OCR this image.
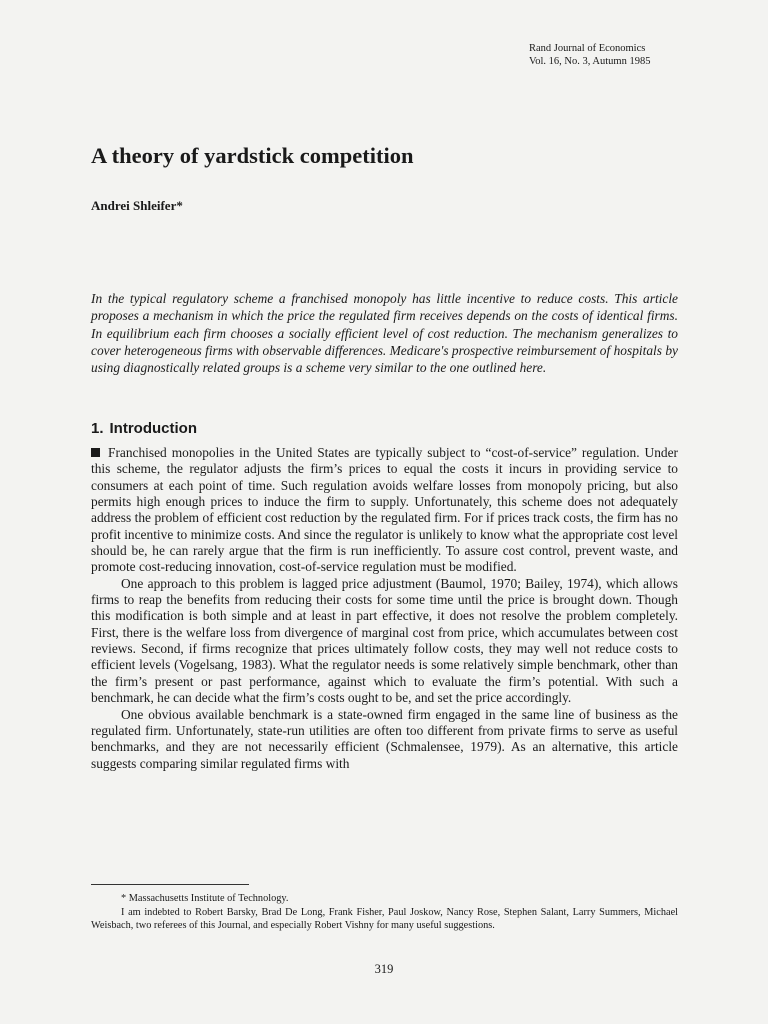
Rand Journal of Economics
Vol. 16, No. 3, Autumn 1985
A theory of yardstick competition
Andrei Shleifer*

In the typical regulatory scheme a franchised monopoly has little incentive to reduce costs. This article proposes a mechanism in which the price the regulated firm receives depends on the costs of identical firms. In equilibrium each firm chooses a socially efficient level of cost reduction. The mechanism generalizes to cover heterogeneous firms with observable differences. Medicare's prospective reimbursement of hospitals by using diagnostically related groups is a scheme very similar to the one outlined here.

1. Introduction

Franchised monopolies in the United States are typically subject to “cost-of-service” regulation. Under this scheme, the regulator adjusts the firm’s prices to equal the costs it incurs in providing service to consumers at each point of time. Such regulation avoids welfare losses from monopoly pricing, but also permits high enough prices to induce the firm to supply. Unfortunately, this scheme does not adequately address the problem of efficient cost reduction by the regulated firm. For if prices track costs, the firm has no profit incentive to minimize costs. And since the regulator is unlikely to know what the appropriate cost level should be, he can rarely argue that the firm is run inefficiently. To assure cost control, prevent waste, and promote cost-reducing innovation, cost-of-service regulation must be modified.

One approach to this problem is lagged price adjustment (Baumol, 1970; Bailey, 1974), which allows firms to reap the benefits from reducing their costs for some time until the price is brought down. Though this modification is both simple and at least in part effective, it does not resolve the problem completely. First, there is the welfare loss from divergence of marginal cost from price, which accumulates between cost reviews. Second, if firms recognize that prices ultimately follow costs, they may well not reduce costs to efficient levels (Vogelsang, 1983). What the regulator needs is some relatively simple benchmark, other than the firm’s present or past performance, against which to evaluate the firm’s potential. With such a benchmark, he can decide what the firm’s costs ought to be, and set the price accordingly.

One obvious available benchmark is a state-owned firm engaged in the same line of business as the regulated firm. Unfortunately, state-run utilities are often too different from private firms to serve as useful benchmarks, and they are not necessarily efficient (Schmalensee, 1979). As an alternative, this article suggests comparing similar regulated firms with

* Massachusetts Institute of Technology.

I am indebted to Robert Barsky, Brad De Long, Frank Fisher, Paul Joskow, Nancy Rose, Stephen Salant, Larry Summers, Michael Weisbach, two referees of this Journal, and especially Robert Vishny for many useful suggestions.

319
